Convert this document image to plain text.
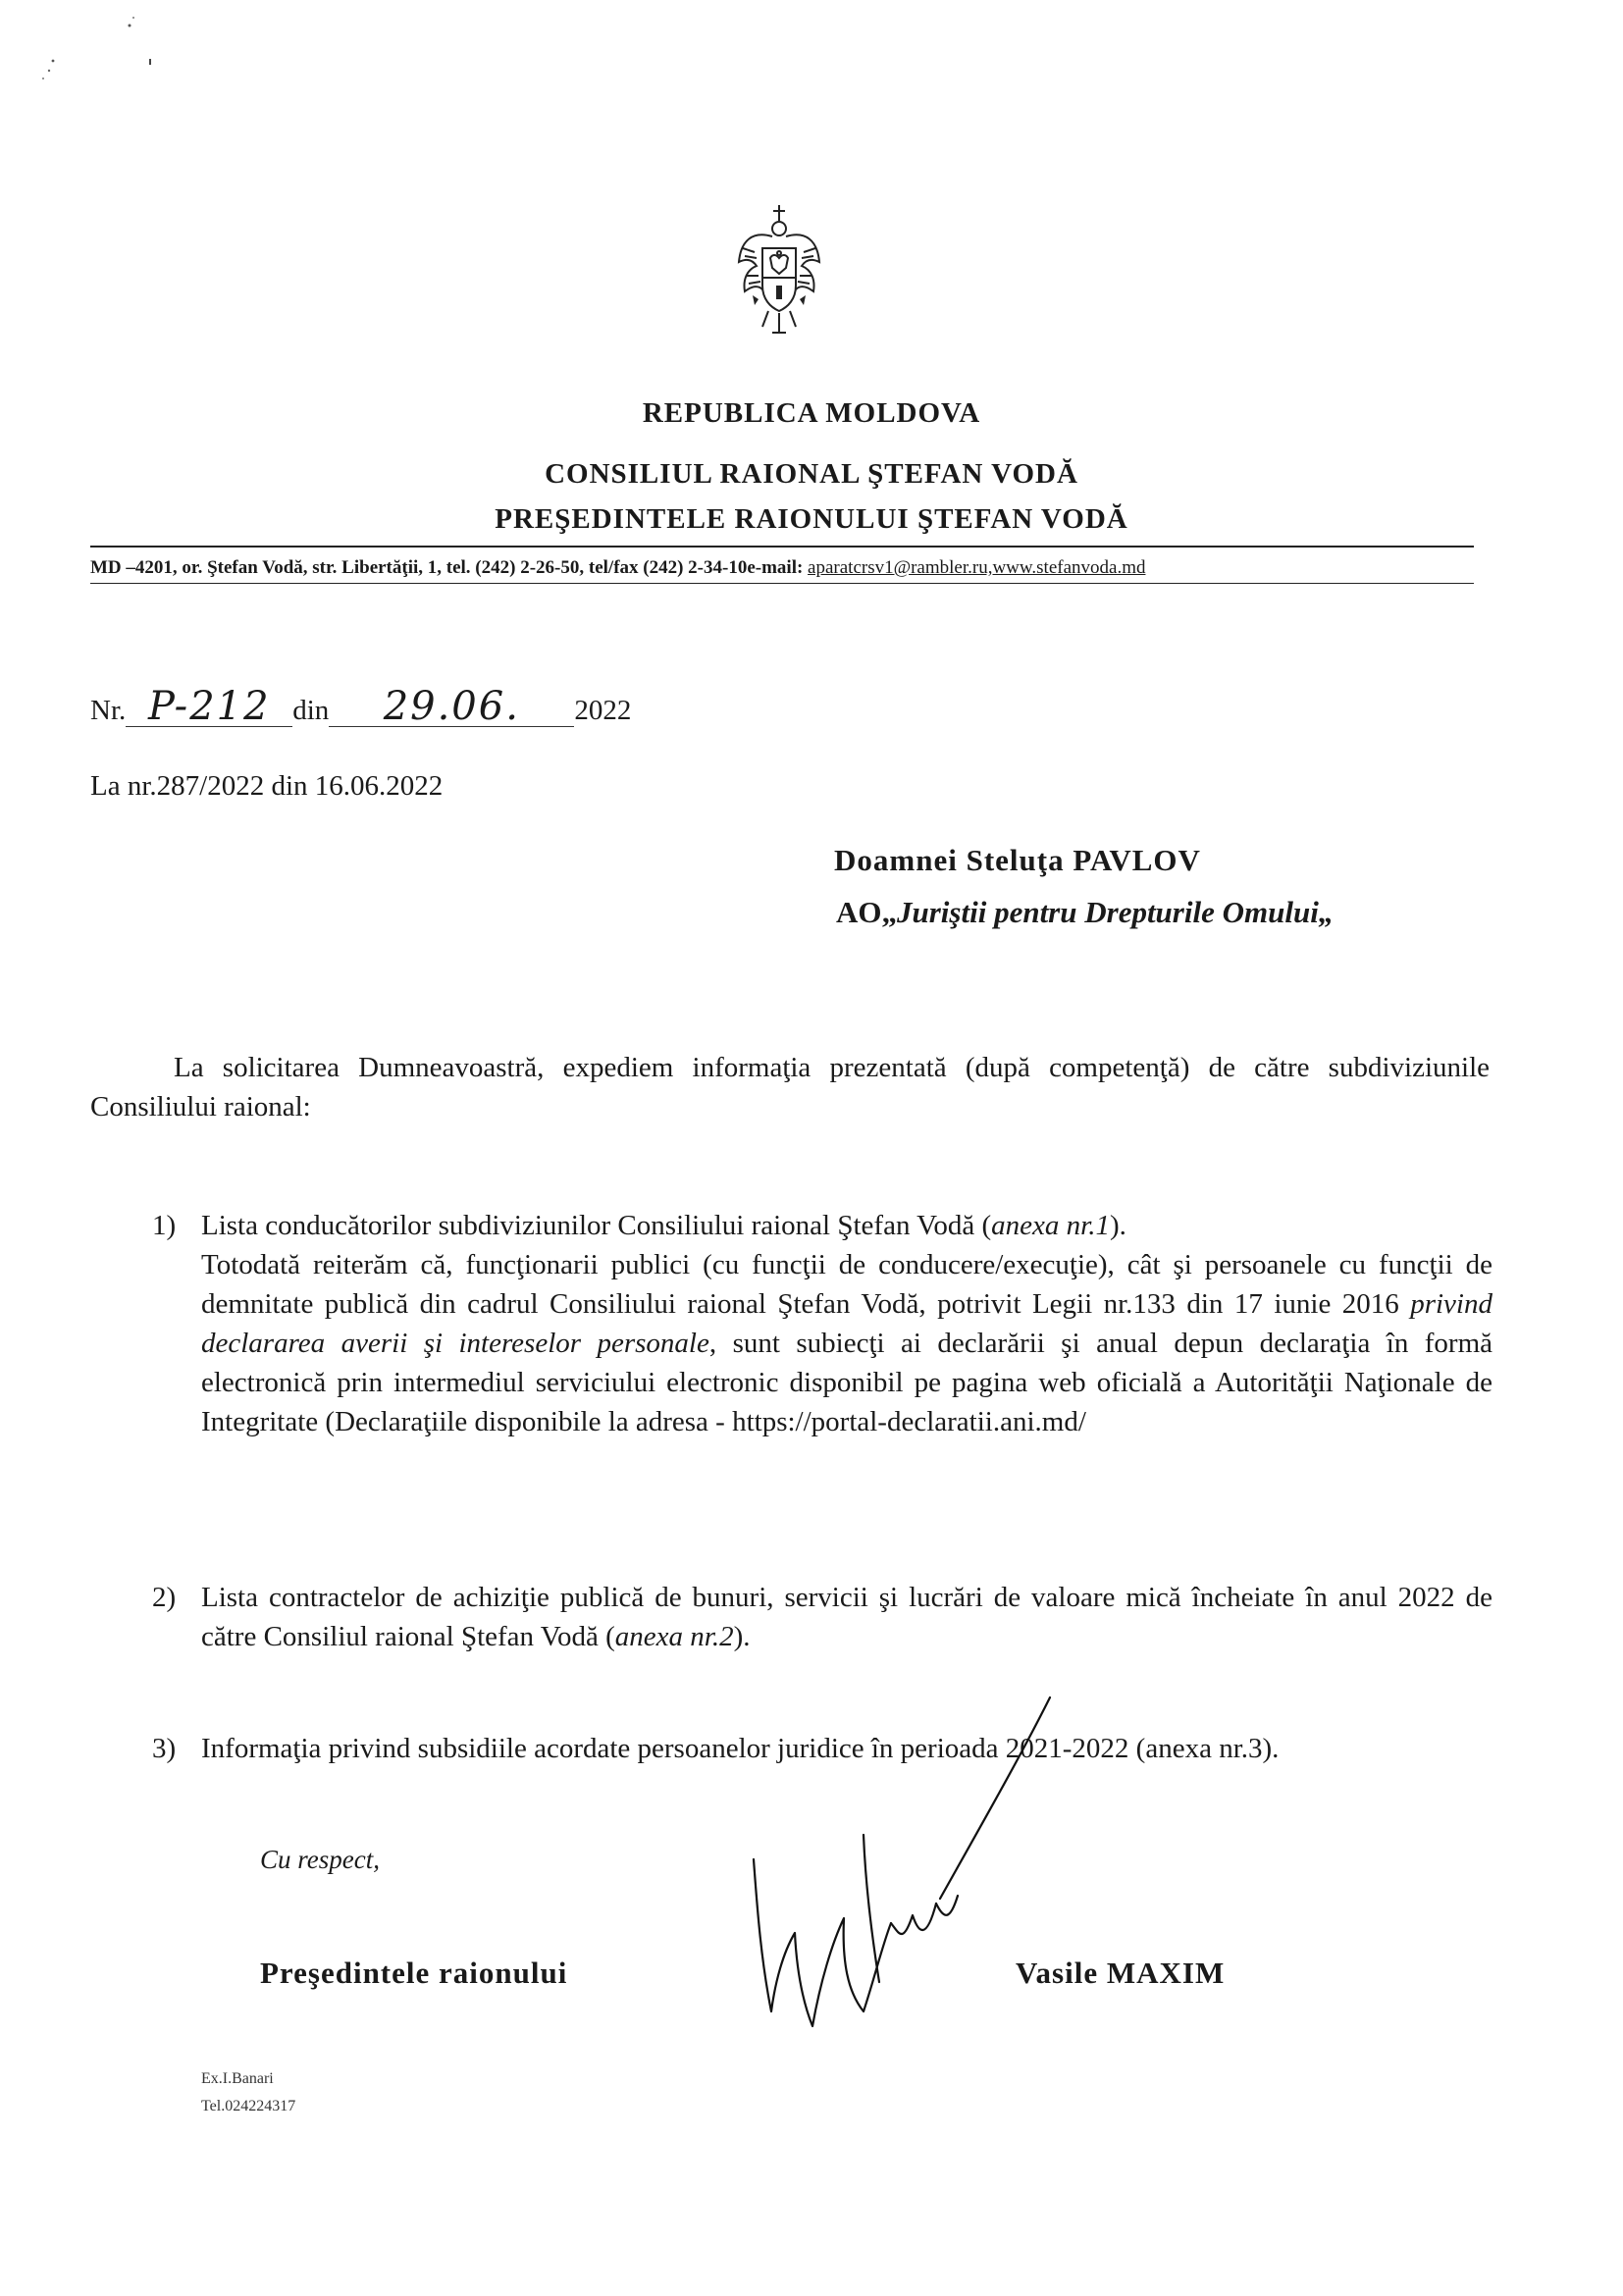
REPUBLICA MOLDOVA
CONSILIUL RAIONAL ŞTEFAN VODĂ
PREŞEDINTELE RAIONULUI ŞTEFAN VODĂ
MD –4201, or. Ştefan Vodă, str. Libertăţii, 1, tel. (242) 2-26-50, tel/fax (242) 2-34-10e-mail: aparatcrsv1@rambler.ru,www.stefanvoda.md
Nr. P-212 din 29.06. 2022
La nr.287/2022 din 16.06.2022
Doamnei Steluţa PAVLOV
AO„Juriştii pentru Drepturile Omului„
La solicitarea Dumneavoastră, expediem informaţia prezentată (după competenţă) de către subdiviziunile Consiliului raional:
1) Lista conducătorilor subdiviziunilor Consiliului raional Ştefan Vodă (anexa nr.1).
Totodată reiterăm că, funcţionarii publici (cu funcţii de conducere/execuţie), cât şi persoanele cu funcţii de demnitate publică din cadrul Consiliului raional Ştefan Vodă, potrivit Legii nr.133 din 17 iunie 2016 privind declararea averii şi intereselor personale, sunt subiecţi ai declarării şi anual depun declaraţia în formă electronică prin intermediul serviciului electronic disponibil pe pagina web oficială a Autorităţii Naţionale de Integritate (Declaraţiile disponibile la adresa - https://portal-declaratii.ani.md/
2) Lista contractelor de achiziţie publică de bunuri, servicii şi lucrări de valoare mică încheiate în anul 2022 de către Consiliul raional Ştefan Vodă (anexa nr.2).
3) Informaţia privind subsidiile acordate persoanelor juridice în perioada 2021-2022 (anexa nr.3).
Cu respect,
Preşedintele raionului	Vasile MAXIM
Ex.I.Banari
Tel.024224317
